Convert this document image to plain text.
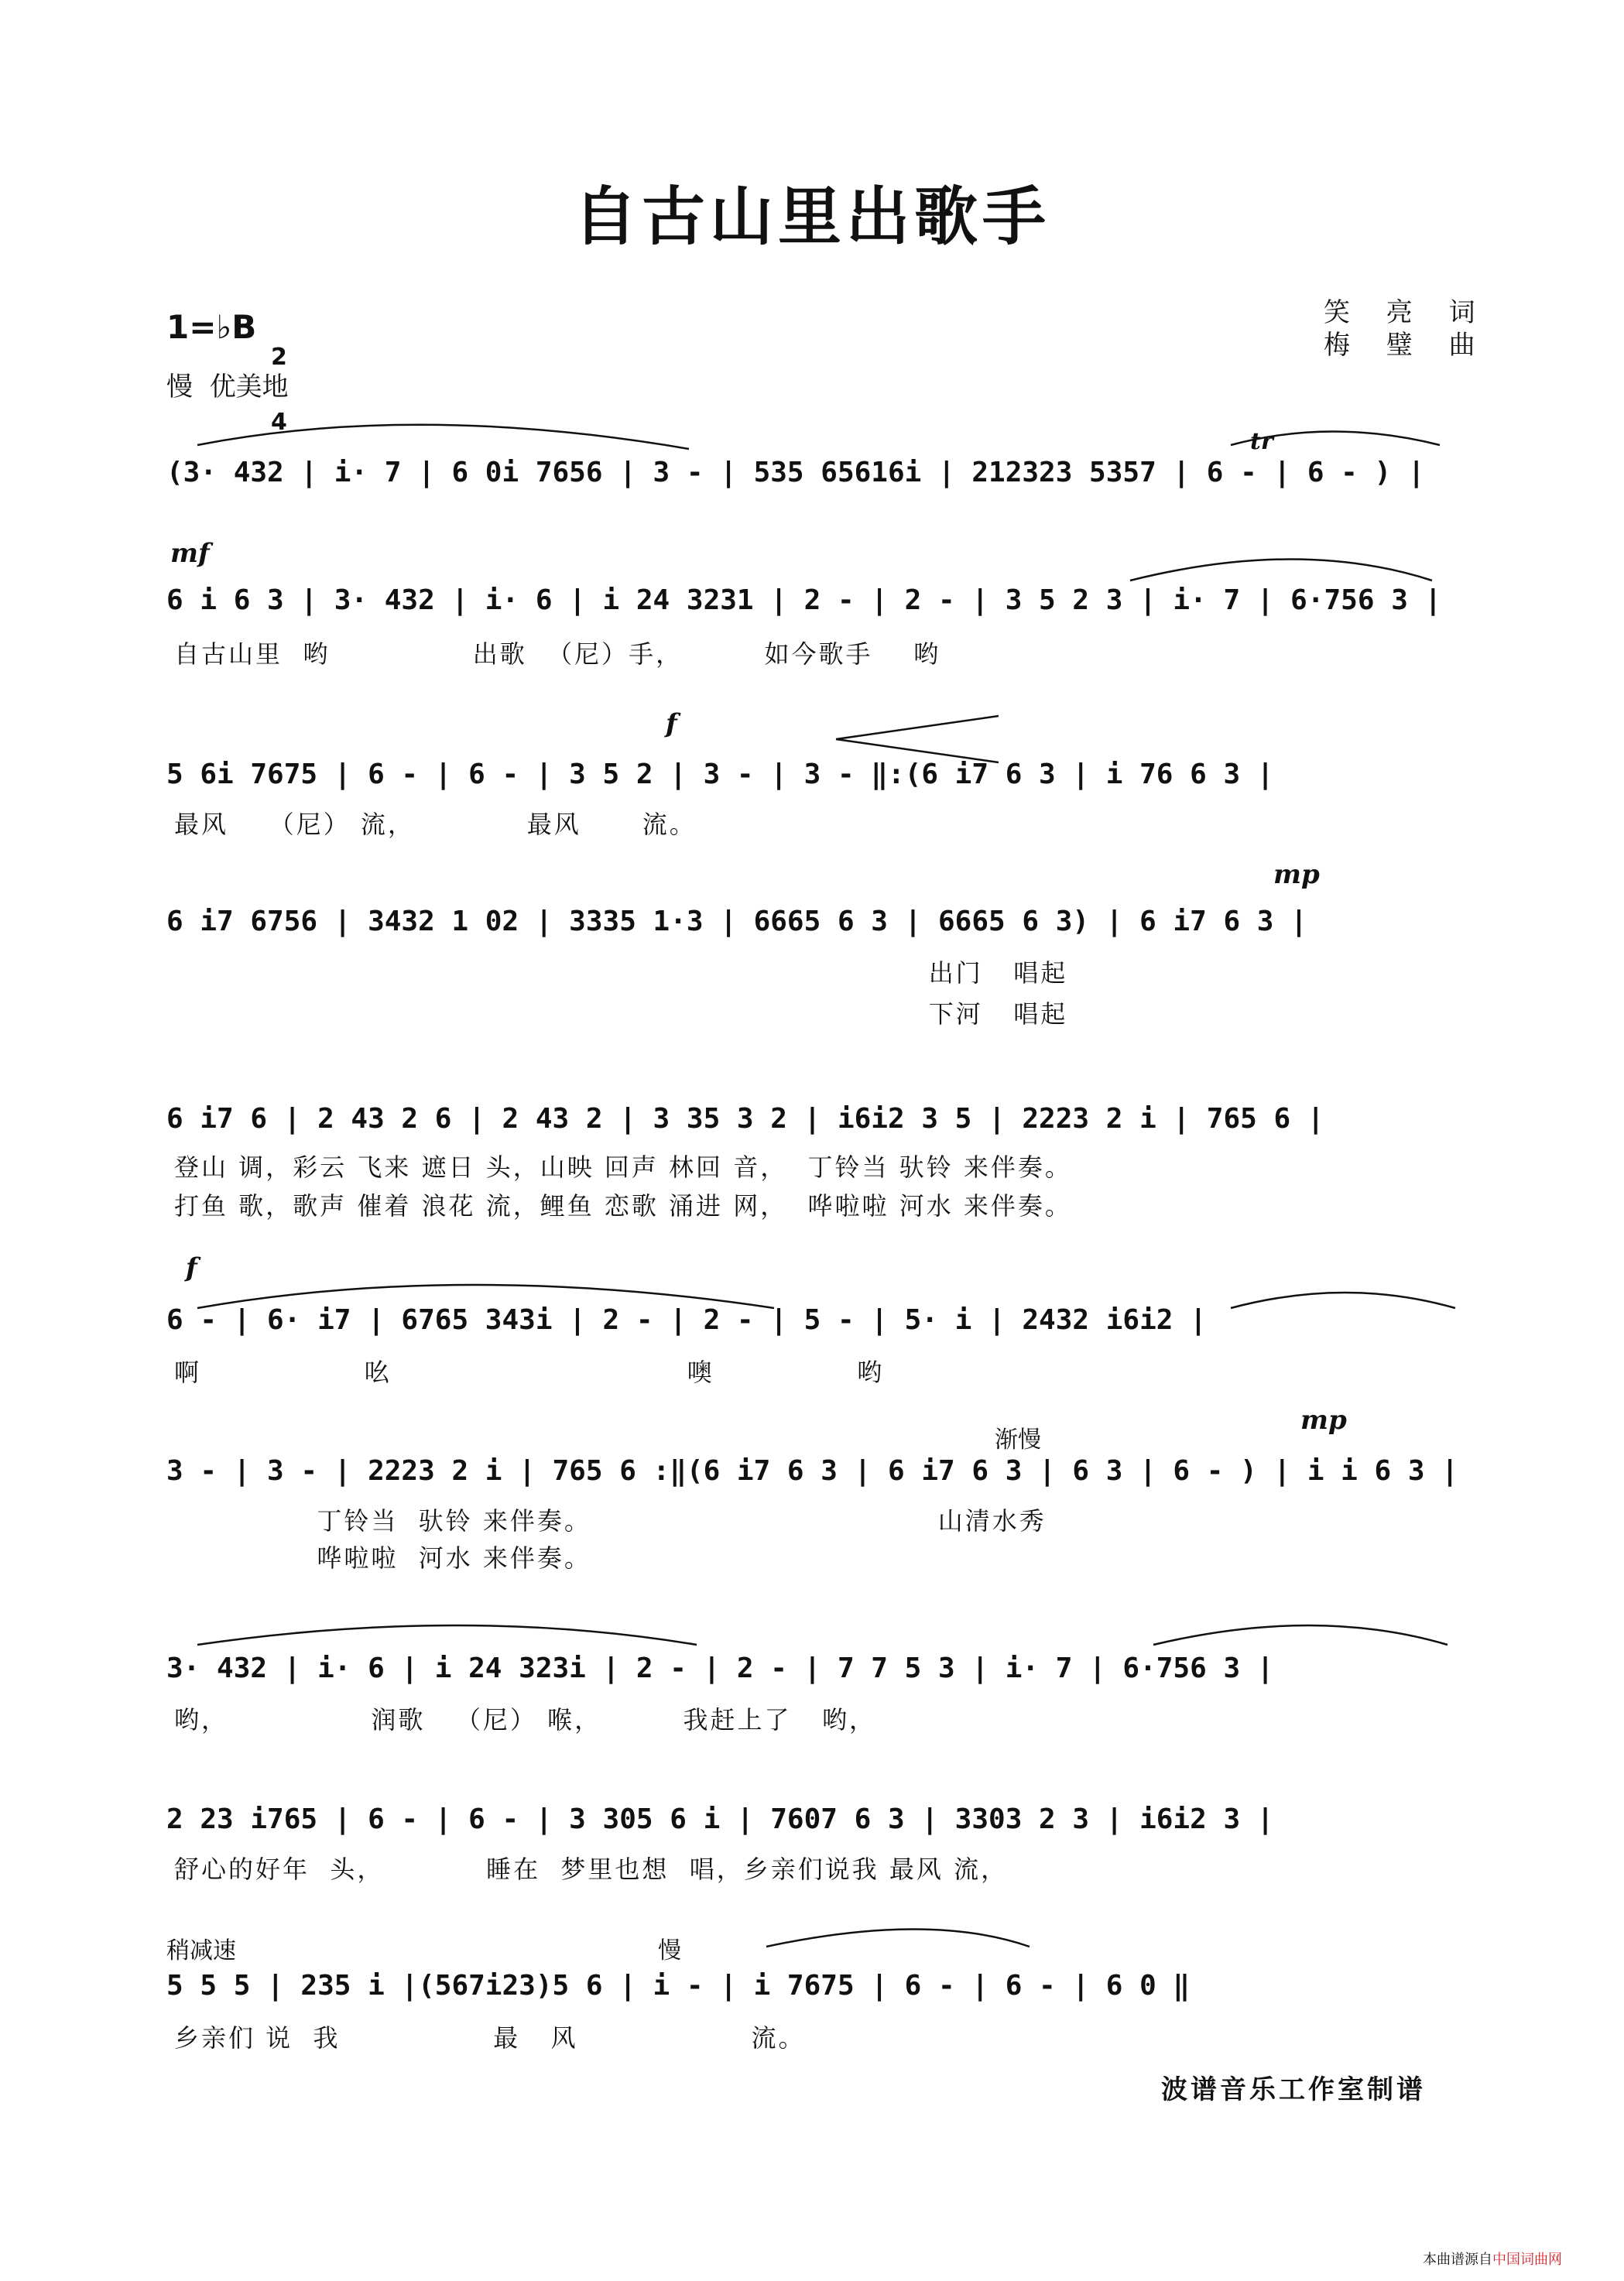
自古山里出歌手
1=♭B

2

4

慢  优美地
笑 亮 词
梅 璧 曲
(3· 432 | i· 7 | 6 0i 7656 | 3 - | 535 65616i | 212323 5357 | 6 - | 6 - ) |
tr
mf
6 i 6 3 | 3· 432 | i· 6 | i 24 3231 | 2 - | 2 - | 3 5 2 3 | i· 7 | 6·756 3 |
自古山里  哟              出歌  （尼）手，        如今歌手    哟
f
5 6i 7675 | 6 - | 6 - | 3 5 2 | 3 - | 3 - ‖:(6 i7 6 3 | i 76 6 3 |
最风    （尼） 流，           最风      流。
mp
6 i7 6756 | 3432 1 02 | 3335 1·3 | 6665 6 3 | 6665 6 3) | 6 i7 6 3 |
出门   唱起
下河   唱起
6 i7 6 | 2 43 2 6 | 2 43 2 | 3 35 3 2 | i6i2 3 5 | 2223 2 i | 765 6 |
登山 调，彩云 飞来 遮日 头，山映 回声 林回 音，  丁铃当 驮铃 来伴奏。
打鱼 歌，歌声 催着 浪花 流，鲤鱼 恋歌 涌进 网，  哗啦啦 河水 来伴奏。
f
6 - | 6· i7 | 6765 343i | 2 - | 2 - | 5 - | 5· i | 2432 i6i2 |
啊                吆                             噢              哟
渐慢
mp
3 - | 3 - | 2223 2 i | 765 6 :‖(6 i7 6 3 | 6 i7 6 3 | 6 3 | 6 - ) | i i 6 3 |
丁铃当  驮铃 来伴奏。                                  山清水秀
哗啦啦  河水 来伴奏。
3· 432 | i· 6 | i 24 323i | 2 - | 2 - | 7 7 5 3 | i· 7 | 6·756 3 |
哟，              润歌   （尼） 喉，        我赶上了   哟，
2 23 i765 | 6 - | 6 - | 3 305 6 i | 7607 6 3 | 3303 2 3 | i6i2 3 |
舒心的好年  头，          睡在  梦里也想  唱，乡亲们说我 最风 流，
稍减速	慢
5 5 5 | 235 i |(567i23)5 6 | i - | i 7675 | 6 - | 6 - | 6 0 ‖
乡亲们 说  我               最   风                 流。
波谱音乐工作室制谱
本曲谱源自中国词曲网
